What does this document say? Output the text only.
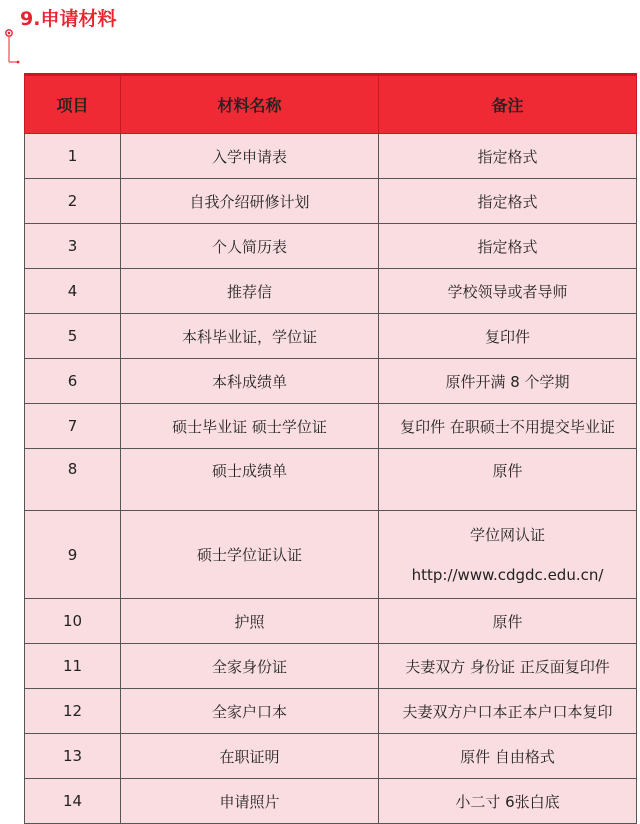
9.申请材料
项目	材料名称	备注
1	入学申请表	指定格式
2	自我介绍研修计划	指定格式
3	个人简历表	指定格式
4	推荐信	学校领导或者导师
5	本科毕业证，学位证	复印件
6	本科成绩单	原件开满 8 个学期
7	硕士毕业证 硕士学位证	复印件 在职硕士不用提交毕业证
8	硕士成绩单	原件
9	硕士学位证认证	学位网认证
http://www.cdgdc.edu.cn/

10	护照	原件
11	全家身份证	夫妻双方 身份证 正反面复印件
12	全家户口本	夫妻双方户口本正本户口本复印
13	在职证明	原件 自由格式
14	申请照片	小二寸 6张白底
